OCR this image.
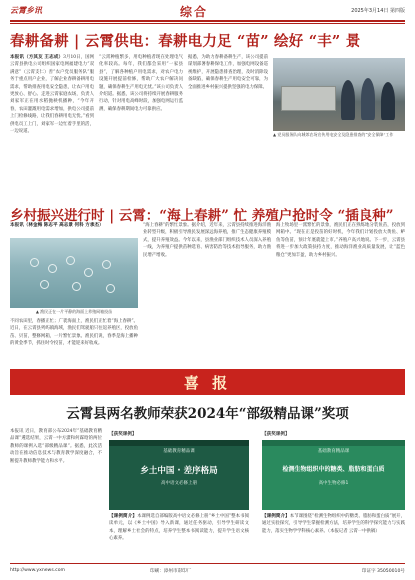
云霄乡讯	综合	2025年3月14日 第四版
春耕备耕 | 云霄供电：春耕电力足 “苗” 绘好 “丰” 景
本报讯（方其友 王志成）3月10日，国网云霄县供电公司组织国家电网福建电力“双满意”（云霄支仁）善“农户党员服务队”服务于重点用户企业，了解企业春耕备耕用电需求，帮助排查用电安全隐患，让农户用电更放心、舒心。走进云霄家庭农场，负责人刘家军正在用水稻抛秧机播种，“今年开春，农田灌溉用电需求增加，供电公司提前上门检修线路，让我们春耕用电无忧。”看到供电员工上门，刘家军一边忙着手里的活，一边说道。
“云霄种植繁多，用电种植者现在处理电气化率较高。每年，我们都会采用“一家县县”，了解各种植户用电需求，对农户电力设施开展提前检修，帮助广大农户解决问题，确保春耕生产用电无忧。”该公司负责人介绍道。据悉，该公司将持续开展春耕服务行动，针对用电高峰时段，加强电网运行监测，确保春耕期间电力可靠供应。
据悉，为助力春耕备耕生产，该公司提前谋划部署春耕保电工作，加强电网设备巡视维护，开展隐患排查治理，及时消除设备缺陷，确保春耕生产用电安全可靠，为全面推进乡村振兴提供坚强的电力保障。
▲ 党员服务队向城郊农场宣传用电安全及隐患排查的“安全保障”工作
乡村振兴进行时 | 云霄：“海上春耕” 忙 养殖户抢时令 “插良种”
本报讯（林金梅 陈志平 高志景 何科 方承杰）
▲ 渔民正在一片平静的海面上养殖网箱投苗
不同农田里，春播正忙；广袤海面上，渔民们正忙着“海上春耕”。近日，在云霄县列屿镇海域，渔民们驾驶船只往返养殖区，投放鱼苗、贝苗，整修网箱，一片繁忙景象。渔民们说，春季是海上播种的黄金季节，抓住时令投苗，才能迎来好收成。
“海上春耕”的繁忙景象。据介绍，近年来，云霄县持续推进海洋渔业转型升级，积极引导渔民发展深远海养殖，推广生态健康养殖模式，提升养殖效益。今年以来，县渔业部门组织技术人员深入养殖一线，为养殖户提供苗种选育、病害防治等技术指导服务，助力渔民增产增收。
海上牧场里一派繁忙的景象，渔民们正在熟练地分装鱼苗，投放到网箱中。“现在正是投苗的好时机，今年我们计划投放大黄鱼、鲈鱼等鱼苗，预计年底就能上市。”养殖户高兴地说。下一步，云霄县将进一步加大政策扶持力度，推动海洋渔业高质量发展，让“蓝色粮仓”更加丰盈，助力乡村振兴。
喜 报
云霄县两名教师荣获2024年“部级精品课”奖项
本报讯 近日，教育部公布2024年“基础教育精品课”遴选结果，云霄一中方潇和何霖晗的两位教师的课例入选“部级精品课”。据悉，此次活动旨在推动信息技术与教育教学深度融合，不断提升教师教学能力和水平。
【获奖课例】	【获奖课例】
基础教育精品课
乡土中国 · 差序格局
高中语文必修上册
基础教育精品课
检测生物组织中的糖类、脂肪和蛋白质
高中生物必修1
【课例简介】本课例选自部编版高中语文必修上册“乡土中国”整本书阅读单元，以《乡土中国》导入新课，通过任务驱动，引导学生研读文本，理解乡土社会的特点，培养学生整本书阅读能力，提升学生语文核心素养。
【课例简介】本节课围绕“检测生物组织中的糖类、脂肪和蛋白质”展开，通过实验探究，引导学生掌握检测方法，培养学生的科学探究能力与实践能力，落实生物学学科核心素养。（本报记者 云霄一中供稿）
http://www.yxnews.com	印刷：漳州市彩印厂	印证字 35050010号
